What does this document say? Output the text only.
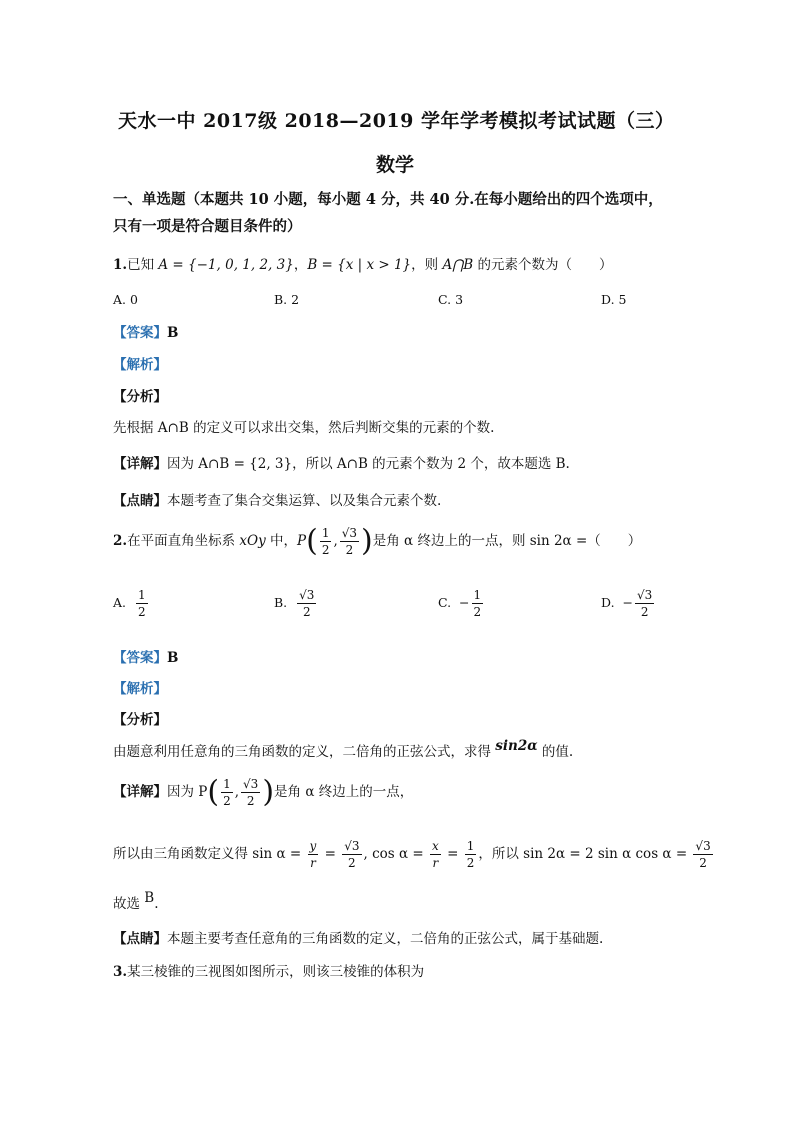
天水一中 2017级 2018—2019 学年学考模拟考试试题（三）
数学
一、单选题（本题共 10 小题，每小题 4 分，共 40 分.在每小题给出的四个选项中，
只有一项是符合题目条件的）
1.已知 A = {−1, 0, 1, 2, 3}，B = {x | x > 1}，则 A⋂B 的元素个数为（　　）
A. 0	B. 2	C. 3	D. 5
【答案】B
【解析】
【分析】
先根据 A∩B 的定义可以求出交集，然后判断交集的元素的个数.
【详解】因为 A∩B = {2, 3}，所以 A∩B 的元素个数为 2 个，故本题选 B.
【点睛】本题考查了集合交集运算、以及集合元素个数.
2.在平面直角坐标系 xOy 中，$P( \frac{1}{2}$ , $\frac{√3}{2}$ )是角 α 终边上的一点，则 sin 2α =（　　）
A. $\frac{1}{2}$	B. $\frac{√3}{2}$	C. − $\frac{1}{2}$	D. − $\frac{√3}{2}$
【答案】B
【解析】
【分析】
由题意利用任意角的三角函数的定义，二倍角的正弦公式，求得 sin2α 的值.
【详解】因为 $P( \frac{1}{2}$ , $\frac{√3}{2}$ )是角 α 终边上的一点，
所以由三角函数定义得 $\sin \alpha = \frac{y}{r} = \frac{√3}{2}$ , $\cos \alpha = \frac{x}{r} = \frac{1}{2}$ ，所以 sin 2α = 2 sin α $\cos \alpha = \frac{√3}{2}$
故选 B.
【点睛】本题主要考查任意角的三角函数的定义，二倍角的正弦公式，属于基础题.
3.某三棱锥的三视图如图所示，则该三棱锥的体积为
